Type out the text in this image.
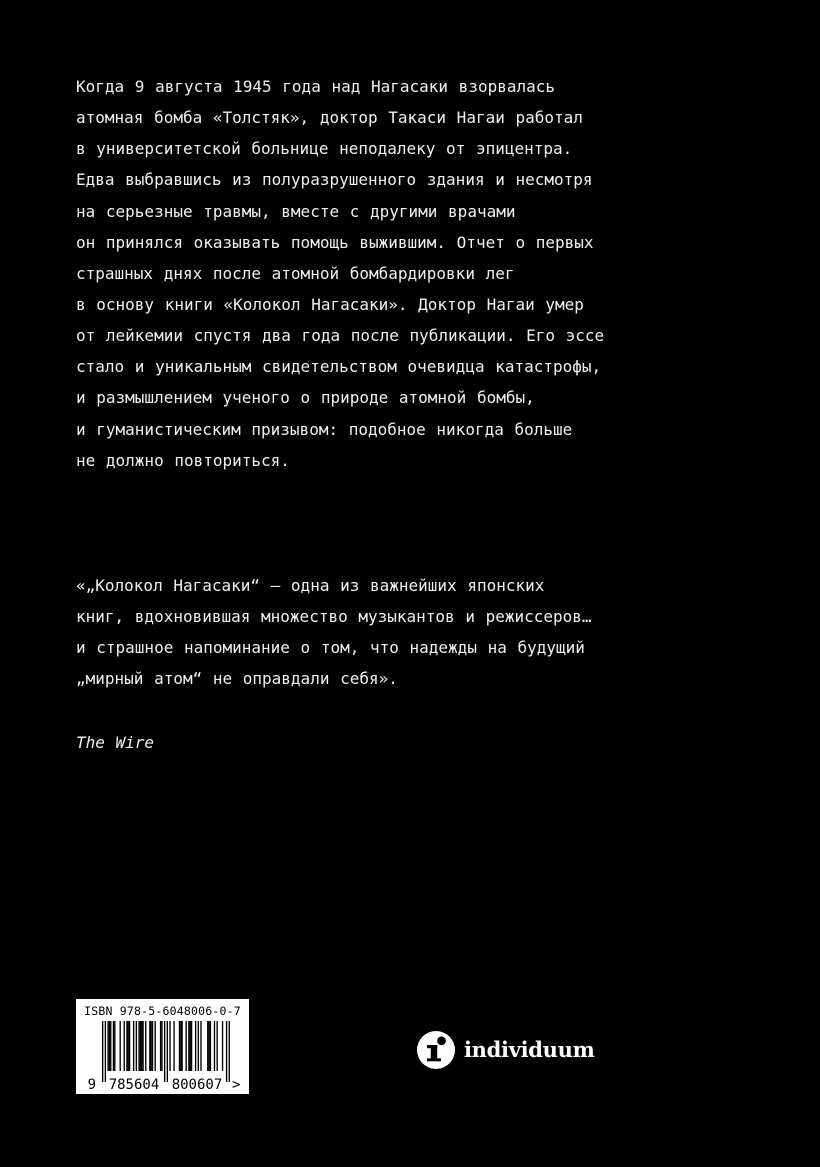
Когда 9 августа 1945 года над Нагасаки взорвалась
атомная бомба «Толстяк», доктор Такаси Нагаи работал
в университетской больнице неподалеку от эпицентра.
Едва выбравшись из полуразрушенного здания и несмотря
на серьезные травмы, вместе с другими врачами
он принялся оказывать помощь выжившим. Отчет о первых
страшных днях после атомной бомбардировки лег
в основу книги «Колокол Нагасаки». Доктор Нагаи умер
от лейкемии спустя два года после публикации. Его эссе
стало и уникальным свидетельством очевидца катастрофы,
и размышлением ученого о природе атомной бомбы,
и гуманистическим призывом: подобное никогда больше
не должно повториться.
«„Колокол Нагасаки“ — одна из важнейших японских
книг, вдохновившая множество музыкантов и режиссеров…
и страшное напоминание о том, что надежды на будущий
„мирный атом“ не оправдали себя».
The Wire
ISBN 978-5-6048006-0-7
9 785604 800607 >
individuum
